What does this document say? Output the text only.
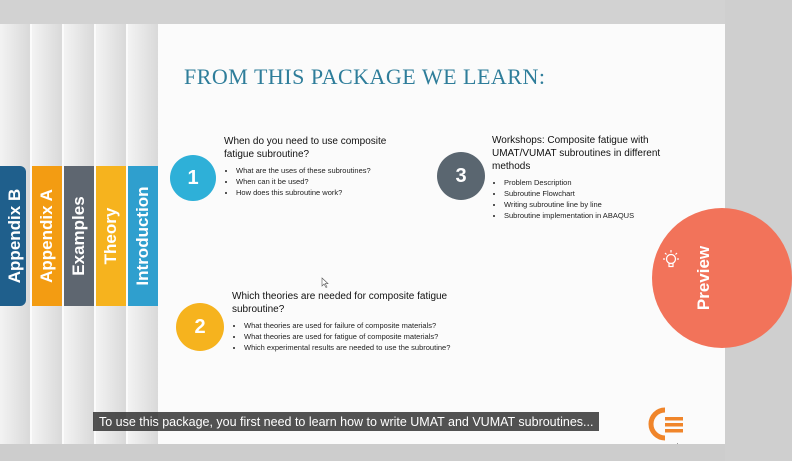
Appendix B Appendix A Examples Theory Introduction
FROM THIS PACKAGE WE LEARN:
1
When do you need to use composite fatigue subroutine?
• What are the uses of these subroutines?
• When can it be used?
• How does this subroutine work?
3
Workshops: Composite fatigue with UMAT/VUMAT subroutines in different methods
• Problem Description
• Subroutine Flowchart
• Writing subroutine line by line
• Subroutine implementation in ABAQUS
2
Which theories are needed for composite fatigue subroutine?
• What theories are used for failure of composite materials?
• What theories are used for fatigue of composite materials?
• Which experimental results are needed to use the subroutine?
Preview
To use this package, you first need to learn how to write UMAT and VUMAT subroutines...
